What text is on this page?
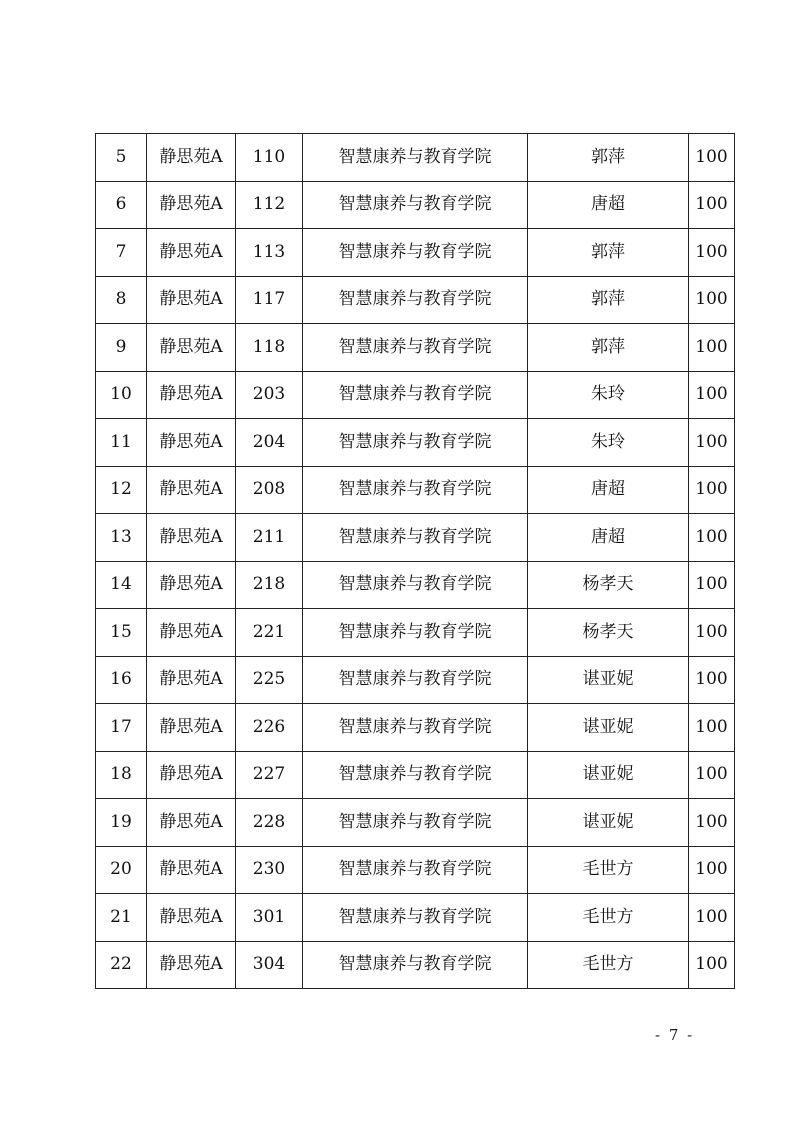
5	静思苑A	110	智慧康养与教育学院	郭萍	100
6	静思苑A	112	智慧康养与教育学院	唐超	100
7	静思苑A	113	智慧康养与教育学院	郭萍	100
8	静思苑A	117	智慧康养与教育学院	郭萍	100
9	静思苑A	118	智慧康养与教育学院	郭萍	100
10	静思苑A	203	智慧康养与教育学院	朱玲	100
11	静思苑A	204	智慧康养与教育学院	朱玲	100
12	静思苑A	208	智慧康养与教育学院	唐超	100
13	静思苑A	211	智慧康养与教育学院	唐超	100
14	静思苑A	218	智慧康养与教育学院	杨孝天	100
15	静思苑A	221	智慧康养与教育学院	杨孝天	100
16	静思苑A	225	智慧康养与教育学院	谌亚妮	100
17	静思苑A	226	智慧康养与教育学院	谌亚妮	100
18	静思苑A	227	智慧康养与教育学院	谌亚妮	100
19	静思苑A	228	智慧康养与教育学院	谌亚妮	100
20	静思苑A	230	智慧康养与教育学院	毛世方	100
21	静思苑A	301	智慧康养与教育学院	毛世方	100
22	静思苑A	304	智慧康养与教育学院	毛世方	100
- 7 -
